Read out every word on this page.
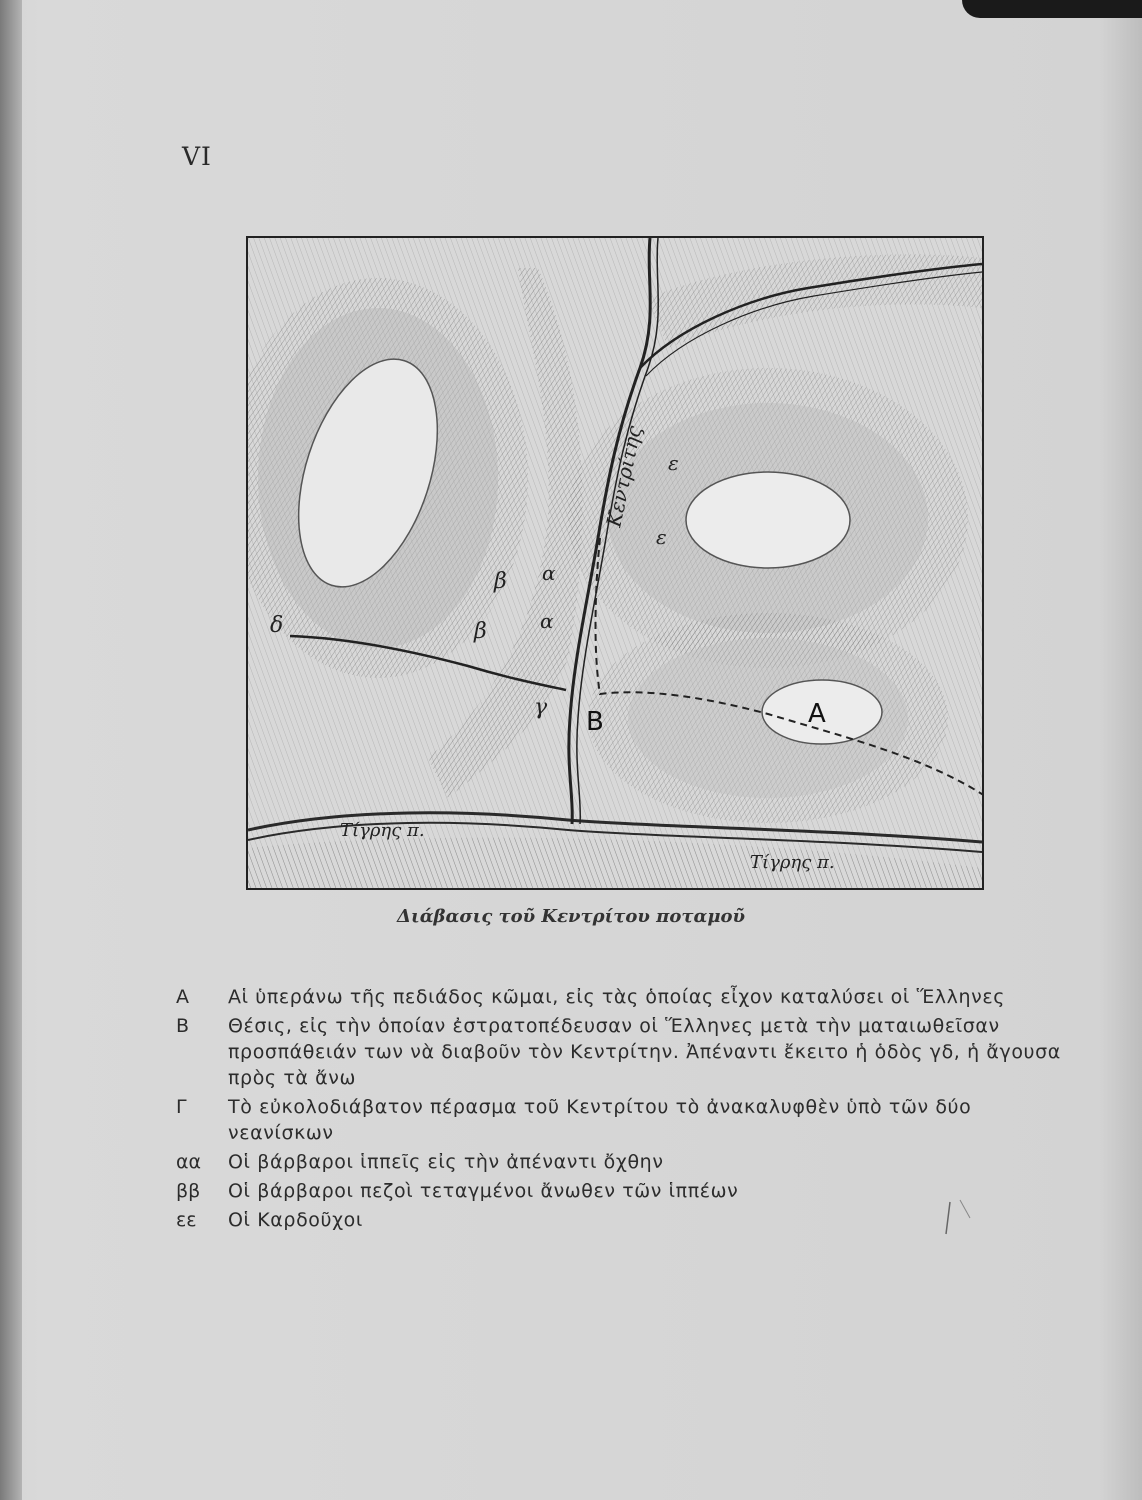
VI
Κεντρίτης
Τίγρης π.
Τίγρης π.
A
B
α
α
β
β
γ
δ
ε
ε
Διάβασις τοῦ Κεντρίτου ποταμοῦ
A	Αἱ ὑπεράνω τῆς πεδιάδος κῶμαι, εἰς τὰς ὁποίας εἶχον καταλύσει οἱ Ἕλληνες
B	Θέσις, εἰς τὴν ὁποίαν ἐστρατοπέδευσαν οἱ Ἕλληνες μετὰ τὴν ματαιωθεῖσαν προσπάθειάν των νὰ διαβοῦν τὸν Κεντρίτην. Ἀπέναντι ἔκειτο ἡ ὁδὸς γδ, ἡ ἄγουσα πρὸς τὰ ἄνω
Γ	Τὸ εὐκολοδιάβατον πέρασμα τοῦ Κεντρίτου τὸ ἀνακαλυφθὲν ὑπὸ τῶν δύο νεανίσκων
αα	Οἱ βάρβαροι ἱππεῖς εἰς τὴν ἀπέναντι ὄχθην
ββ	Οἱ βάρβαροι πεζοὶ τεταγμένοι ἄνωθεν τῶν ἱππέων
εε	Οἱ Καρδοῦχοι
